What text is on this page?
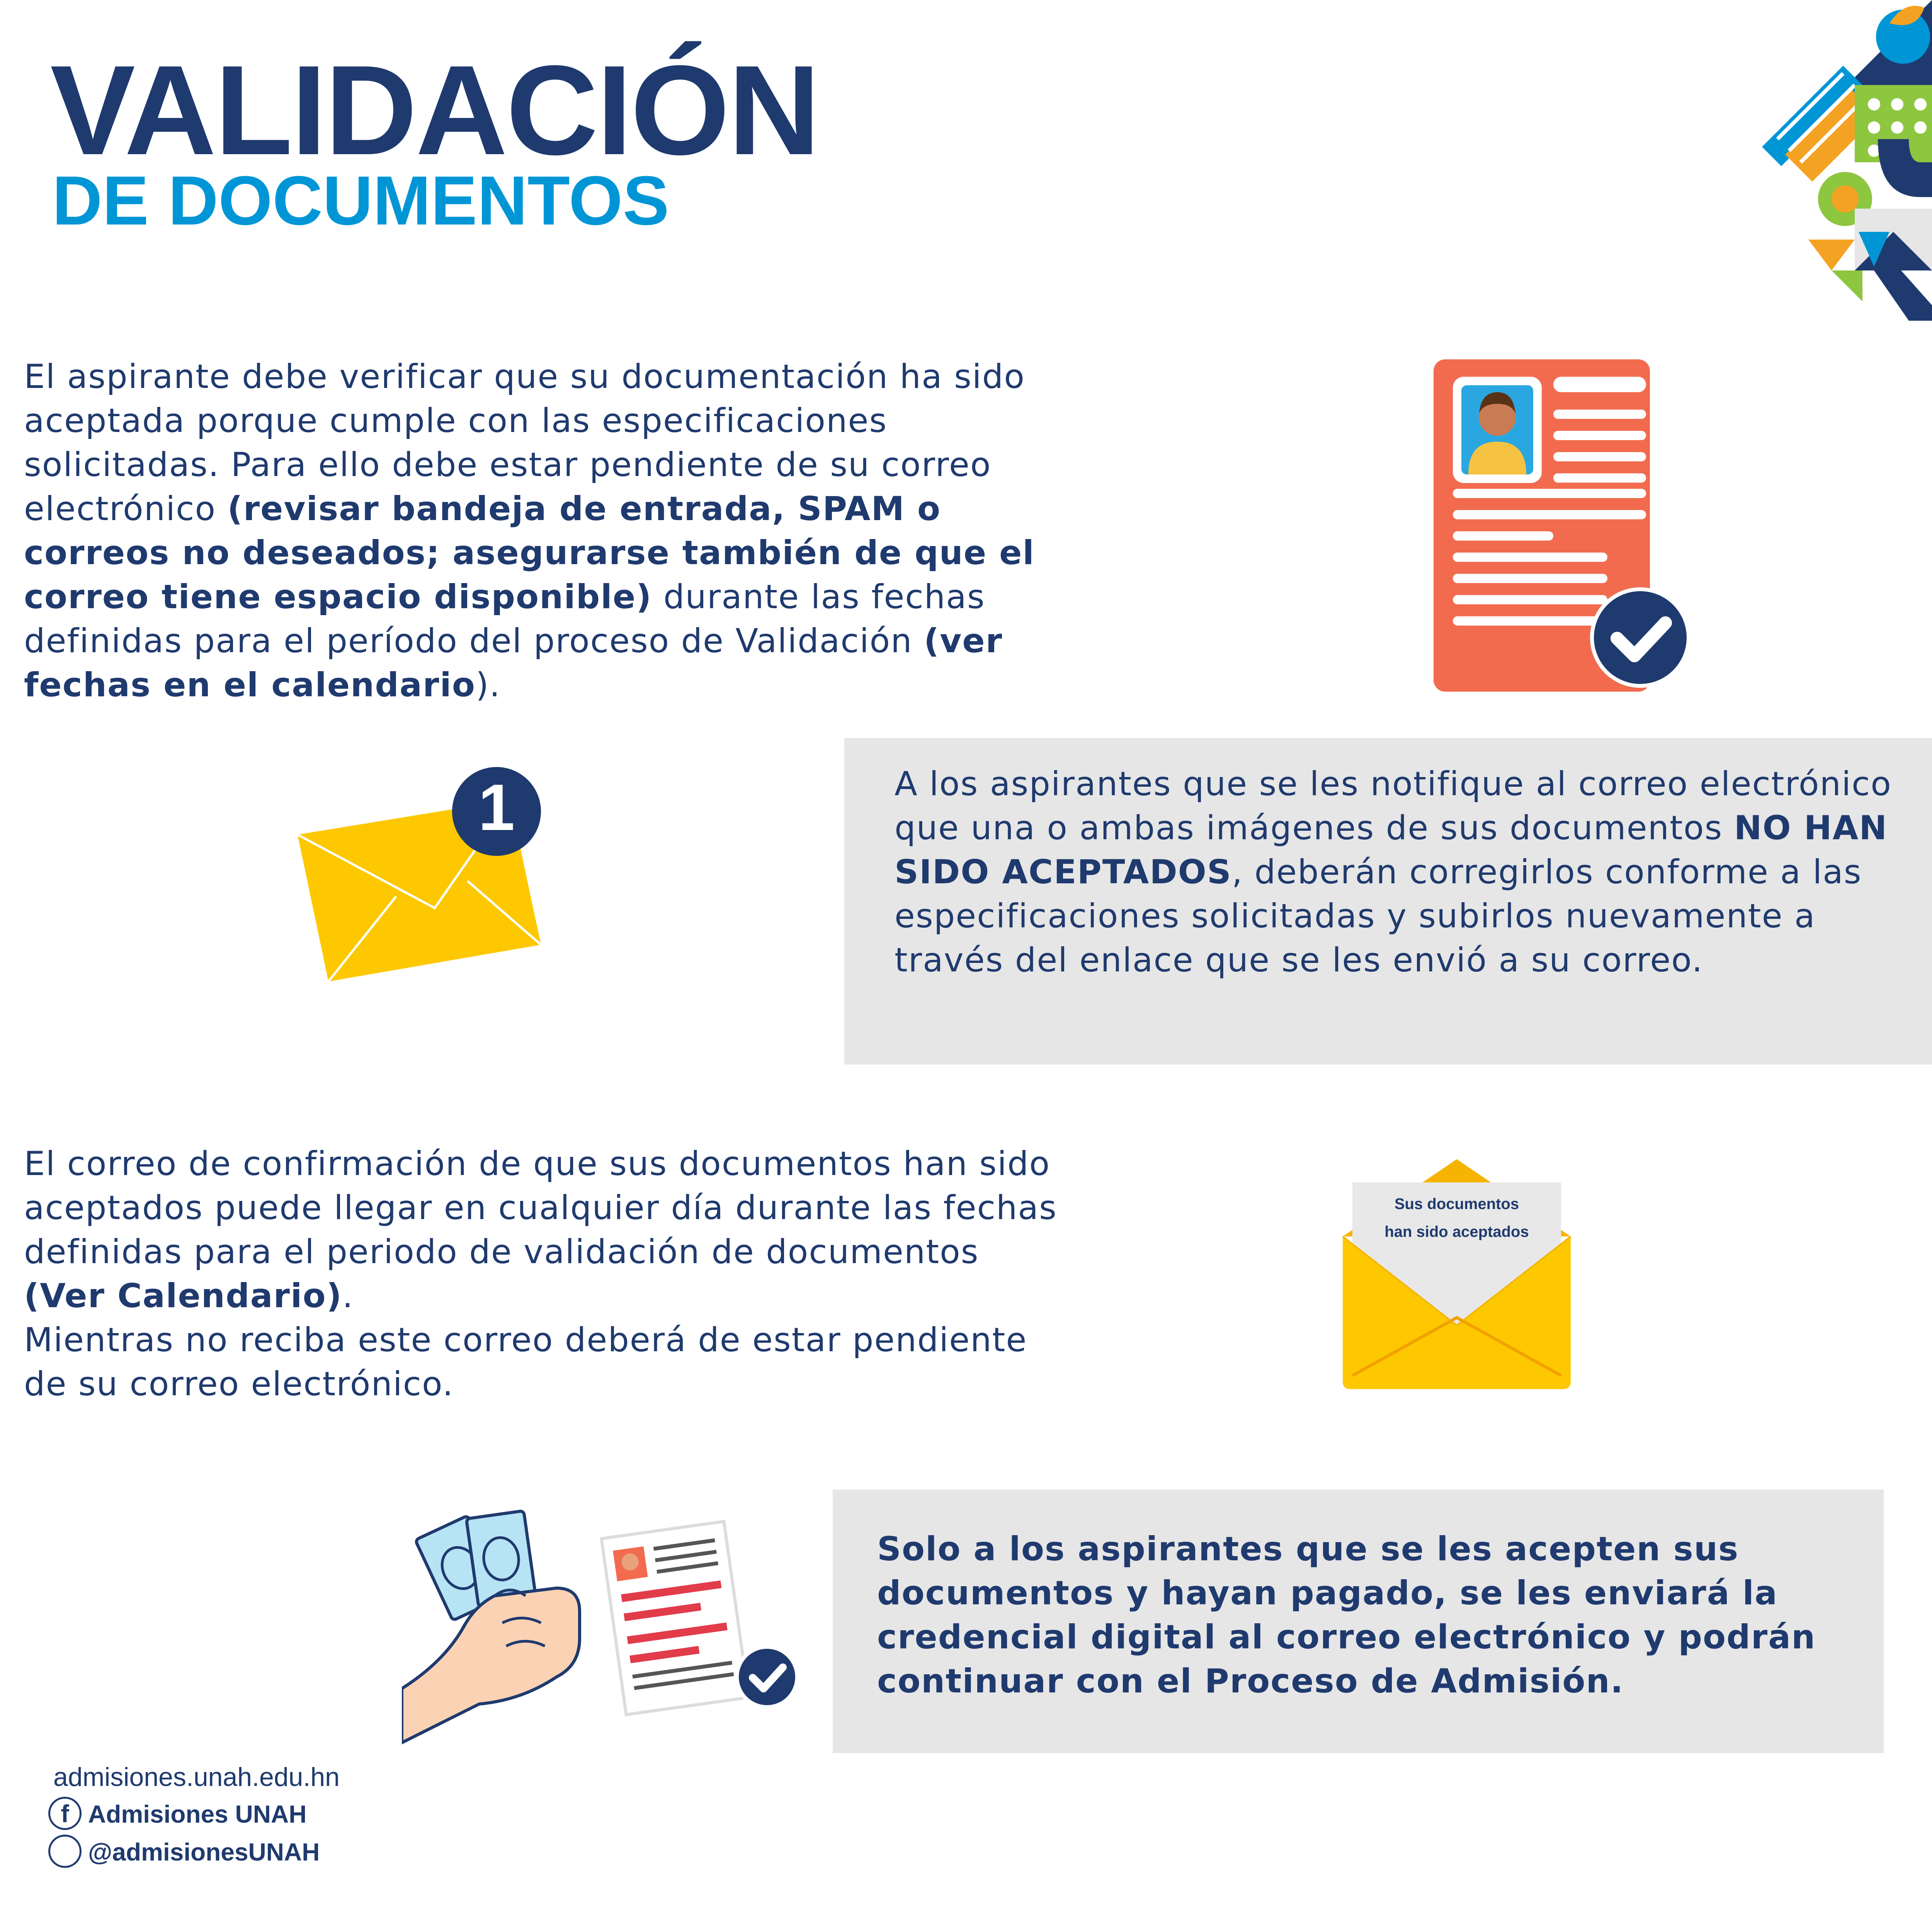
VALIDACIÓN
DE DOCUMENTOS
El aspirante debe verificar que su documentación ha sido aceptada porque cumple con las especificaciones solicitadas. Para ello debe estar pendiente de su correo electrónico (revisar bandeja de entrada, SPAM o correos no deseados; asegurarse también de que el correo tiene espacio disponible) durante las fechas definidas para el período del proceso de Validación (ver fechas en el calendario).
1	A los aspirantes que se les notifique al correo electrónico que una o ambas imágenes de sus documentos NO HAN SIDO ACEPTADOS, deberán corregirlos conforme a las especificaciones solicitadas y subirlos nuevamente a través del enlace que se les envió a su correo.
El correo de confirmación de que sus documentos han sido aceptados puede llegar en cualquier día durante las fechas definidas para el periodo de validación de documentos (Ver Calendario).
Mientras no reciba este correo deberá de estar pendiente de su correo electrónico.
Sus documentos
han sido aceptados
Solo a los aspirantes que se les acepten sus documentos y hayan pagado, se les enviará la credencial digital al correo electrónico y podrán continuar con el Proceso de Admisión.
admisiones.unah.edu.hn
f Admisiones UNAH
@admisionesUNAH
